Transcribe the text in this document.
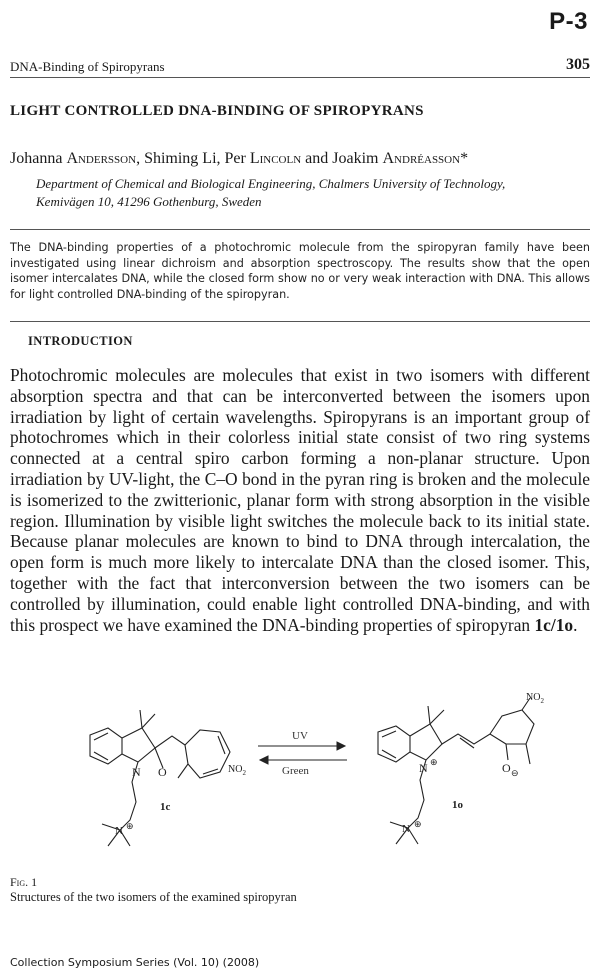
P-3
DNA-Binding of Spiropyrans	305
LIGHT CONTROLLED DNA-BINDING OF SPIROPYRANS
Johanna Andersson, Shiming Li, Per Lincoln and Joakim Andréasson*
Department of Chemical and Biological Engineering, Chalmers University of Technology,
Kemivägen 10, 41296 Gothenburg, Sweden
The DNA-binding properties of a photochromic molecule from the spiropyran family have been investigated using linear dichroism and absorption spectroscopy. The results show that the open isomer intercalates DNA, while the closed form show no or very weak interaction with DNA. This allows for light controlled DNA-binding of the spiropyran.
INTRODUCTION
Photochromic molecules are molecules that exist in two isomers with different absorption spectra and that can be interconverted between the isomers upon irradiation by light of certain wavelengths. Spiropyrans is an important group of photochromes which in their colorless initial state consist of two ring systems connected at a central spiro carbon forming a non-planar structure. Upon irradiation by UV-light, the C–O bond in the pyran ring is broken and the molecule is isomerized to the zwitterionic, planar form with strong absorption in the visible region. Illumination by visible light switches the molecule back to its initial state. Because planar molecules are known to bind to DNA through intercalation, the open form is much more likely to intercalate DNA than the closed isomer. This, together with the fact that interconversion between the two isomers can be controlled by illumination, could enable light controlled DNA-binding, and with this prospect we have examined the DNA-binding properties of spiropyran 1c/1o.
N O
N ⊕
$NO_2$
1c
UV
Green	N ⊕	O ⊖
N ⊕
$NO_2$
1o
Fig. 1
Structures of the two isomers of the examined spiropyran
Collection Symposium Series (Vol. 10) (2008)
